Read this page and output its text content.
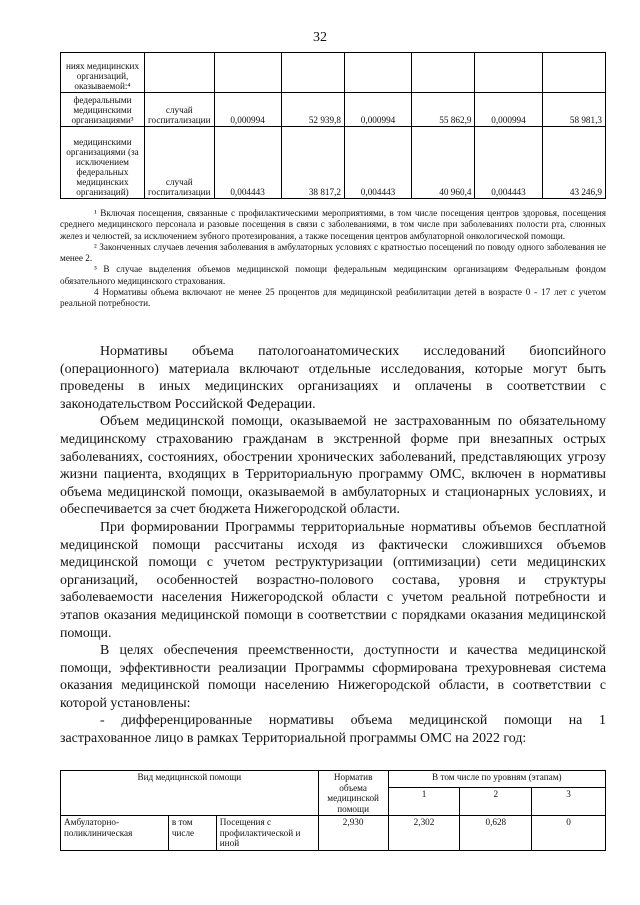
32
ниях медицинских организаций, оказываемой:⁴							
федеральными медицинскими организациями³	случай госпитализации	0,000994	52 939,8	0,000994	55 862,9	0,000994	58 981,3
медицинскими организациями (за исключением федеральных медицинских организаций)	случай госпитализации	0,004443	38 817,2	0,004443	40 960,4	0,004443	43 246,9

¹ Включая посещения, связанные с профилактическими мероприятиями, в том числе посещения центров здоровья, посещения среднего медицинского персонала и разовые посещения в связи с заболеваниями, в том числе при заболеваниях полости рта, слюнных желез и челюстей, за исключением зубного протезирования, а также посещения центров амбулаторной онкологической помощи.

² Законченных случаев лечения заболевания в амбулаторных условиях с кратностью посещений по поводу одного заболевания не менее 2.

³ В случае выделения объемов медицинской помощи федеральным медицинским организациям Федеральным фондом обязательного медицинского страхования.

4 Нормативы объема включают не менее 25 процентов для медицинской реабилитации детей в возрасте 0 - 17 лет с учетом реальной потребности.

Нормативы объема патологоанатомических исследований биопсийного (операционного) материала включают отдельные исследования, которые могут быть проведены в иных медицинских организациях и оплачены в соответствии с законодательством Российской Федерации.

Объем медицинской помощи, оказываемой не застрахованным по обязательному медицинскому страхованию гражданам в экстренной форме при внезапных острых заболеваниях, состояниях, обострении хронических заболеваний, представляющих угрозу жизни пациента, входящих в Территориальную программу ОМС, включен в нормативы объема медицинской помощи, оказываемой в амбулаторных и стационарных условиях, и обеспечивается за счет бюджета Нижегородской области.

При формировании Программы территориальные нормативы объемов бесплатной медицинской помощи рассчитаны исходя из фактически сложившихся объемов медицинской помощи с учетом реструктуризации (оптимизации) сети медицинских организаций, особенностей возрастно-полового состава, уровня и структуры заболеваемости населения Нижегородской области с учетом реальной потребности и этапов оказания медицинской помощи в соответствии с порядками оказания медицинской помощи.

В целях обеспечения преемственности, доступности и качества медицинской помощи, эффективности реализации Программы сформирована трехуровневая система оказания медицинской помощи населению Нижегородской области, в соответствии с которой установлены:

- дифференцированные нормативы объема медицинской помощи на 1 застрахованное лицо в рамках Территориальной программы ОМС на 2022 год:

Вид медицинской помощи			Норматив объема медицинской помощи	В том числе по уровням (этапам)		
				1	2	3
Амбулаторно-поликлиническая	в том числе	Посещения с профилактической и иной	2,930	2,302	0,628	0
